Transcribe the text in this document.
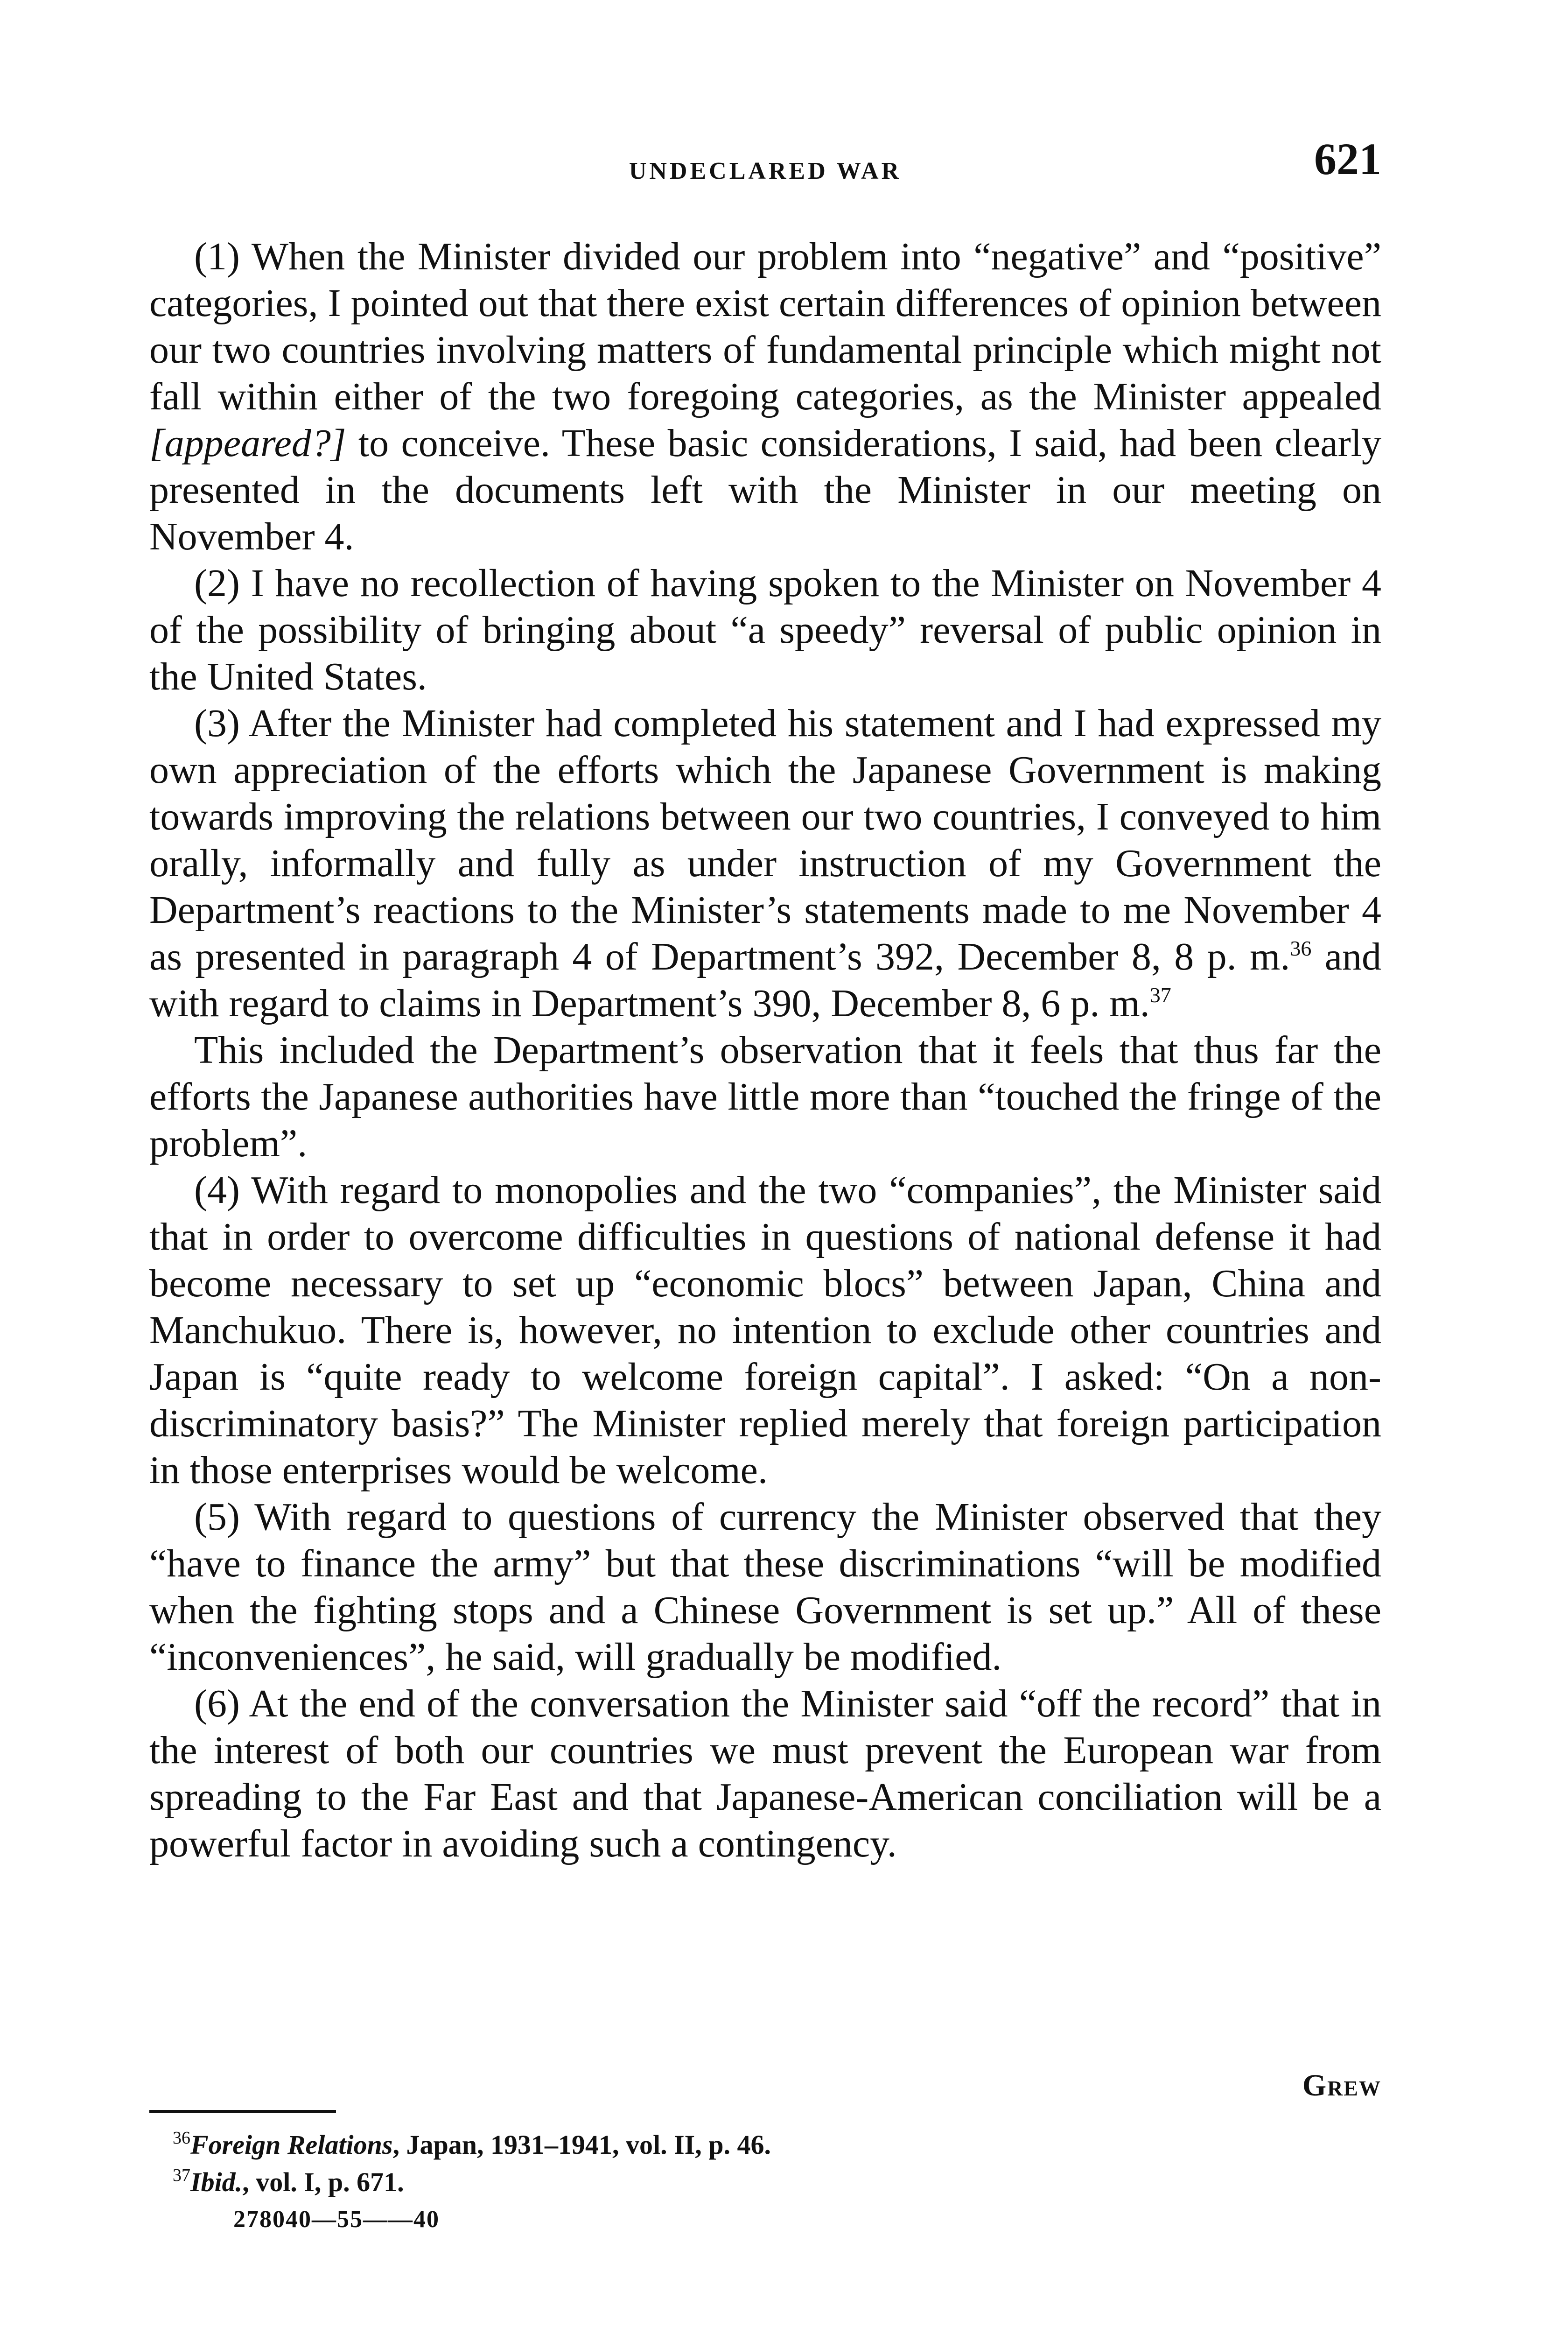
UNDECLARED WAR	621

(1) When the Minister divided our problem into “negative” and “positive” categories, I pointed out that there exist certain differences of opinion between our two countries involving matters of fundamental principle which might not fall within either of the two foregoing categories, as the Minister appealed [appeared?] to conceive. These basic considerations, I said, had been clearly presented in the documents left with the Minister in our meeting on November 4.

(2) I have no recollection of having spoken to the Minister on November 4 of the possibility of bringing about “a speedy” reversal of public opinion in the United States.

(3) After the Minister had completed his statement and I had expressed my own appreciation of the efforts which the Japanese Government is making towards improving the relations between our two countries, I conveyed to him orally, informally and fully as under instruction of my Government the Department’s reactions to the Minister’s statements made to me November 4 as presented in paragraph 4 of Department’s 392, December 8, 8 p. m.$^{36}$ and with regard to claims in Department’s 390, December 8, 6 p. m.$^{37}$

This included the Department’s observation that it feels that thus far the efforts the Japanese authorities have little more than “touched the fringe of the problem”.

(4) With regard to monopolies and the two “companies”, the Minister said that in order to overcome difficulties in questions of national defense it had become necessary to set up “economic blocs” between Japan, China and Manchukuo. There is, however, no intention to exclude other countries and Japan is “quite ready to welcome foreign capital”. I asked: “On a non-discriminatory basis?” The Minister replied merely that foreign participation in those enterprises would be welcome.

(5) With regard to questions of currency the Minister observed that they “have to finance the army” but that these discriminations “will be modified when the fighting stops and a Chinese Government is set up.” All of these “inconveniences”, he said, will gradually be modified.

(6) At the end of the conversation the Minister said “off the record” that in the interest of both our countries we must prevent the European war from spreading to the Far East and that Japanese-American conciliation will be a powerful factor in avoiding such a contingency.

Grew

$^{36}$Foreign Relations, Japan, 1931–1941, vol. II, p. 46.

$^{37}$Ibid., vol. I, p. 671.

278040—55——40
